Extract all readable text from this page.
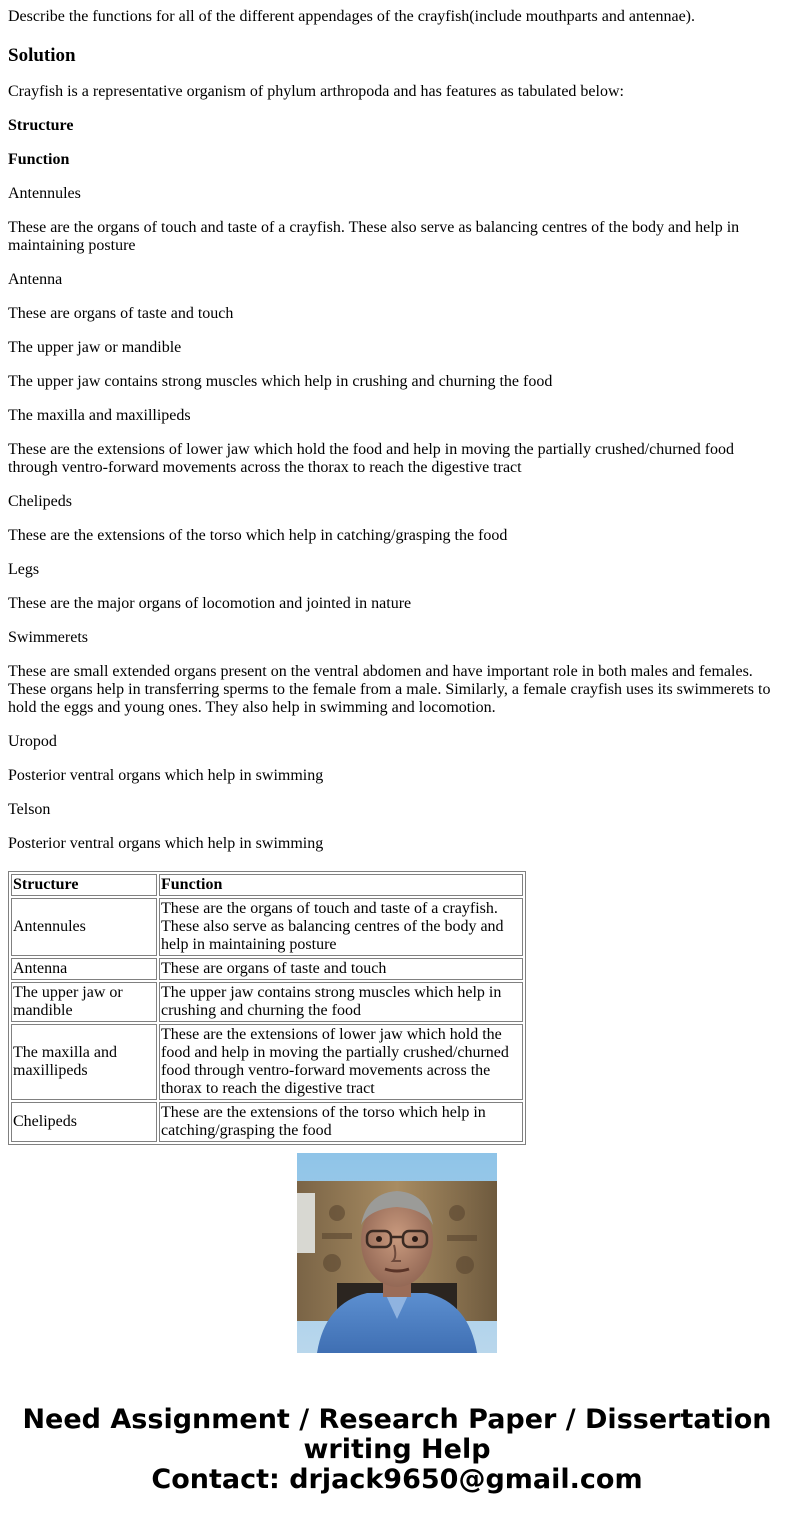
Describe the functions for all of the different appendages of the crayfish(include mouthparts and antennae).

Solution

Crayfish is a representative organism of phylum arthropoda and has features as tabulated below:

Structure

Function

Antennules

These are the organs of touch and taste of a crayfish. These also serve as balancing centres of the body and help in maintaining posture

Antenna

These are organs of taste and touch

The upper jaw or mandible

The upper jaw contains strong muscles which help in crushing and churning the food

The maxilla and maxillipeds

These are the extensions of lower jaw which hold the food and help in moving the partially crushed/churned food through ventro-forward movements across the thorax to reach the digestive tract

Chelipeds

These are the extensions of the torso which help in catching/grasping the food

Legs

These are the major organs of locomotion and jointed in nature

Swimmerets

These are small extended organs present on the ventral abdomen and have important role in both males and females. These organs help in transferring sperms to the female from a male. Similarly, a female crayfish uses its swimmerets to hold the eggs and young ones. They also help in swimming and locomotion.

Uropod

Posterior ventral organs which help in swimming

Telson

Posterior ventral organs which help in swimming

Structure	Function
Antennules	These are the organs of touch and taste of a crayfish. These also serve as balancing centres of the body and help in maintaining posture
Antenna	These are organs of taste and touch
The upper jaw or mandible	The upper jaw contains strong muscles which help in crushing and churning the food
The maxilla and maxillipeds	These are the extensions of lower jaw which hold the food and help in moving the partially crushed/churned food through ventro-forward movements across the thorax to reach the digestive tract
Chelipeds	These are the extensions of the torso which help in catching/grasping the food
Need Assignment / Research Paper / Dissertation
writing Help
Contact: drjack9650@gmail.com
